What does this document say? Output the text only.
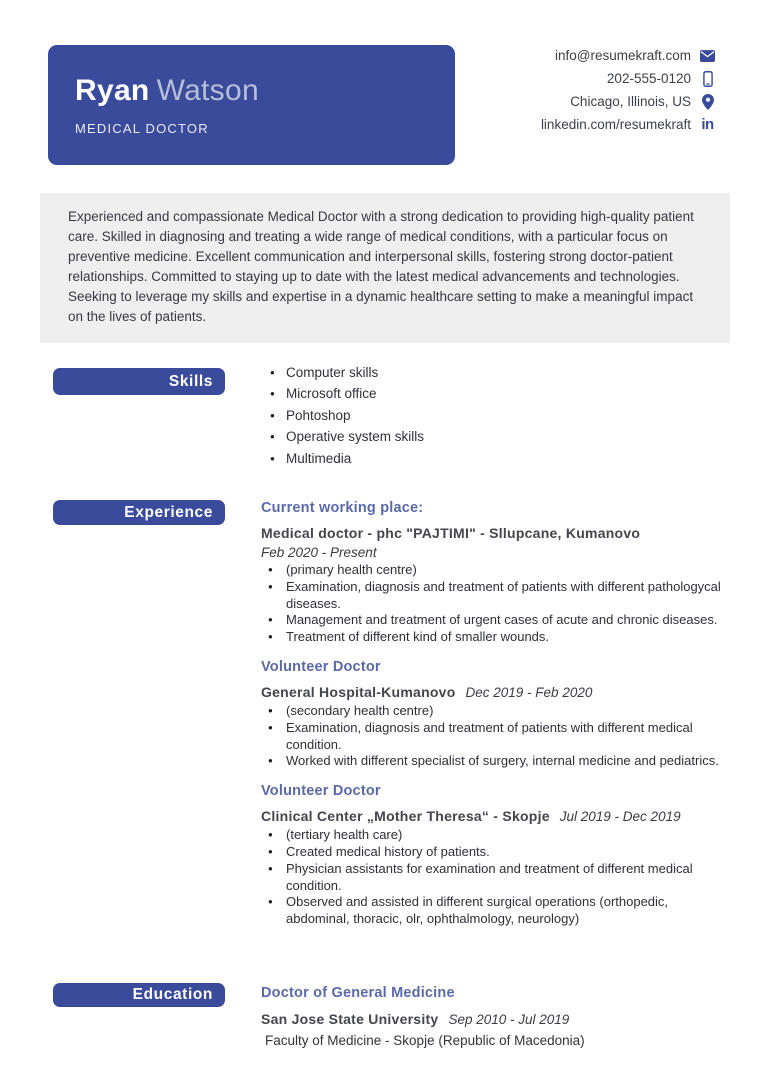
Ryan Watson
MEDICAL DOCTOR
info@resumekraft.com
202-555-0120
Chicago, Illinois, US
linkedin.com/resumekraft in
Experienced and compassionate Medical Doctor with a strong dedication to providing high-quality patient care. Skilled in diagnosing and treating a wide range of medical conditions, with a particular focus on preventive medicine. Excellent communication and interpersonal skills, fostering strong doctor-patient relationships. Committed to staying up to date with the latest medical advancements and technologies. Seeking to leverage my skills and expertise in a dynamic healthcare setting to make a meaningful impact on the lives of patients.
Skills
● Computer skills
● Microsoft office
● Pohtoshop
● Operative system skills
● Multimedia
Experience	Current working place:
Medical doctor - phc "PAJTIMI" - Sllupcane, Kumanovo
Feb 2020 - Present
● (primary health centre)
● Examination, diagnosis and treatment of patients with different pathologycal diseases.
● Management and treatment of urgent cases of acute and chronic diseases.
● Treatment of different kind of smaller wounds.
Volunteer Doctor
General Hospital-Kumanovo Dec 2019 - Feb 2020
● (secondary health centre)
● Examination, diagnosis and treatment of patients with different medical condition.
● Worked with different specialist of surgery, internal medicine and pediatrics.
Volunteer Doctor
Clinical Center „Mother Theresa“ - Skopje Jul 2019 - Dec 2019
● (tertiary health care)
● Created medical history of patients.
● Physician assistants for examination and treatment of different medical condition.
● Observed and assisted in different surgical operations (orthopedic, abdominal, thoracic, olr, ophthalmology, neurology)
Education	Doctor of General Medicine
San Jose State University Sep 2010 - Jul 2019
Faculty of Medicine - Skopje (Republic of Macedonia)
